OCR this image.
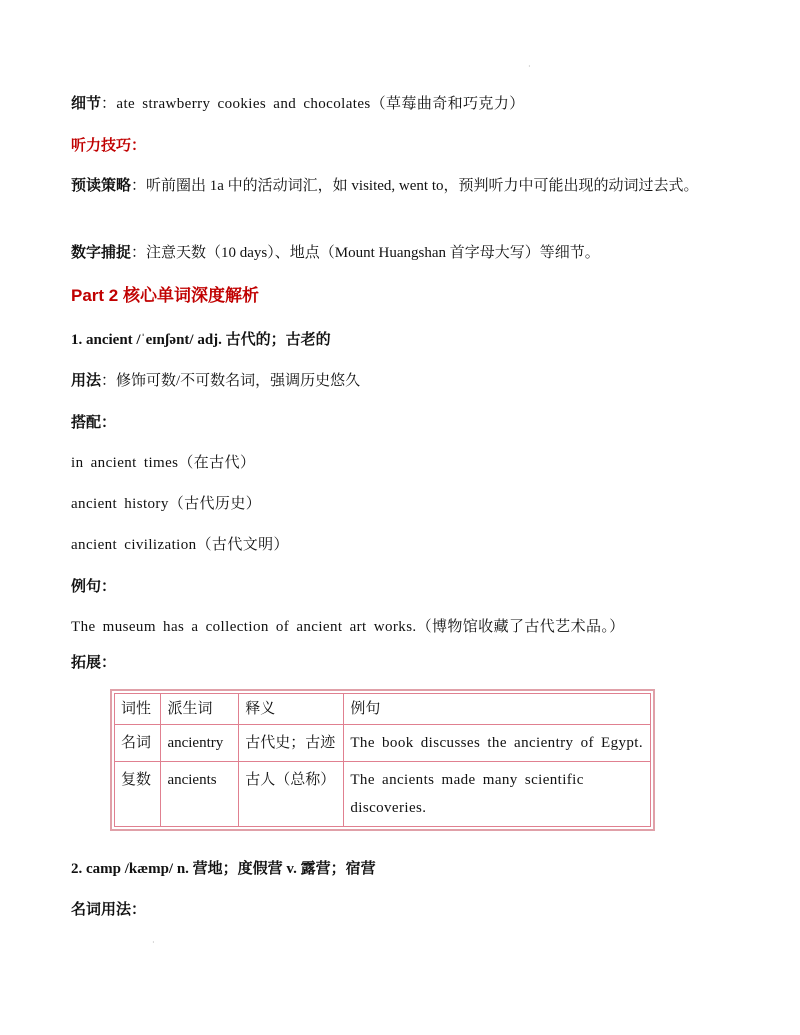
·
细节：ate strawberry cookies and chocolates（草莓曲奇和巧克力）
听力技巧：
预读策略：听前圈出 1a 中的活动词汇，如 visited, went to，预判听力中可能出现的动词过去式。
数字捕捉：注意天数（10 days）、地点（Mount Huangshan 首字母大写）等细节。
Part 2 核心单词深度解析
1. ancient /ˈeɪnʃənt/ adj. 古代的；古老的
用法：修饰可数/不可数名词，强调历史悠久
搭配：
in ancient times（在古代）
ancient history（古代历史）
ancient civilization（古代文明）
例句：
The museum has a collection of ancient art works.（博物馆收藏了古代艺术品。）
拓展：
词性	派生词	释义	例句
名词	ancientry	古代史；古迹	The book discusses the ancientry of Egypt.
复数	ancients	古人（总称）	The ancients made many scientific discoveries.
2. camp /kæmp/ n. 营地；度假营 v. 露营；宿营
名词用法：
·
